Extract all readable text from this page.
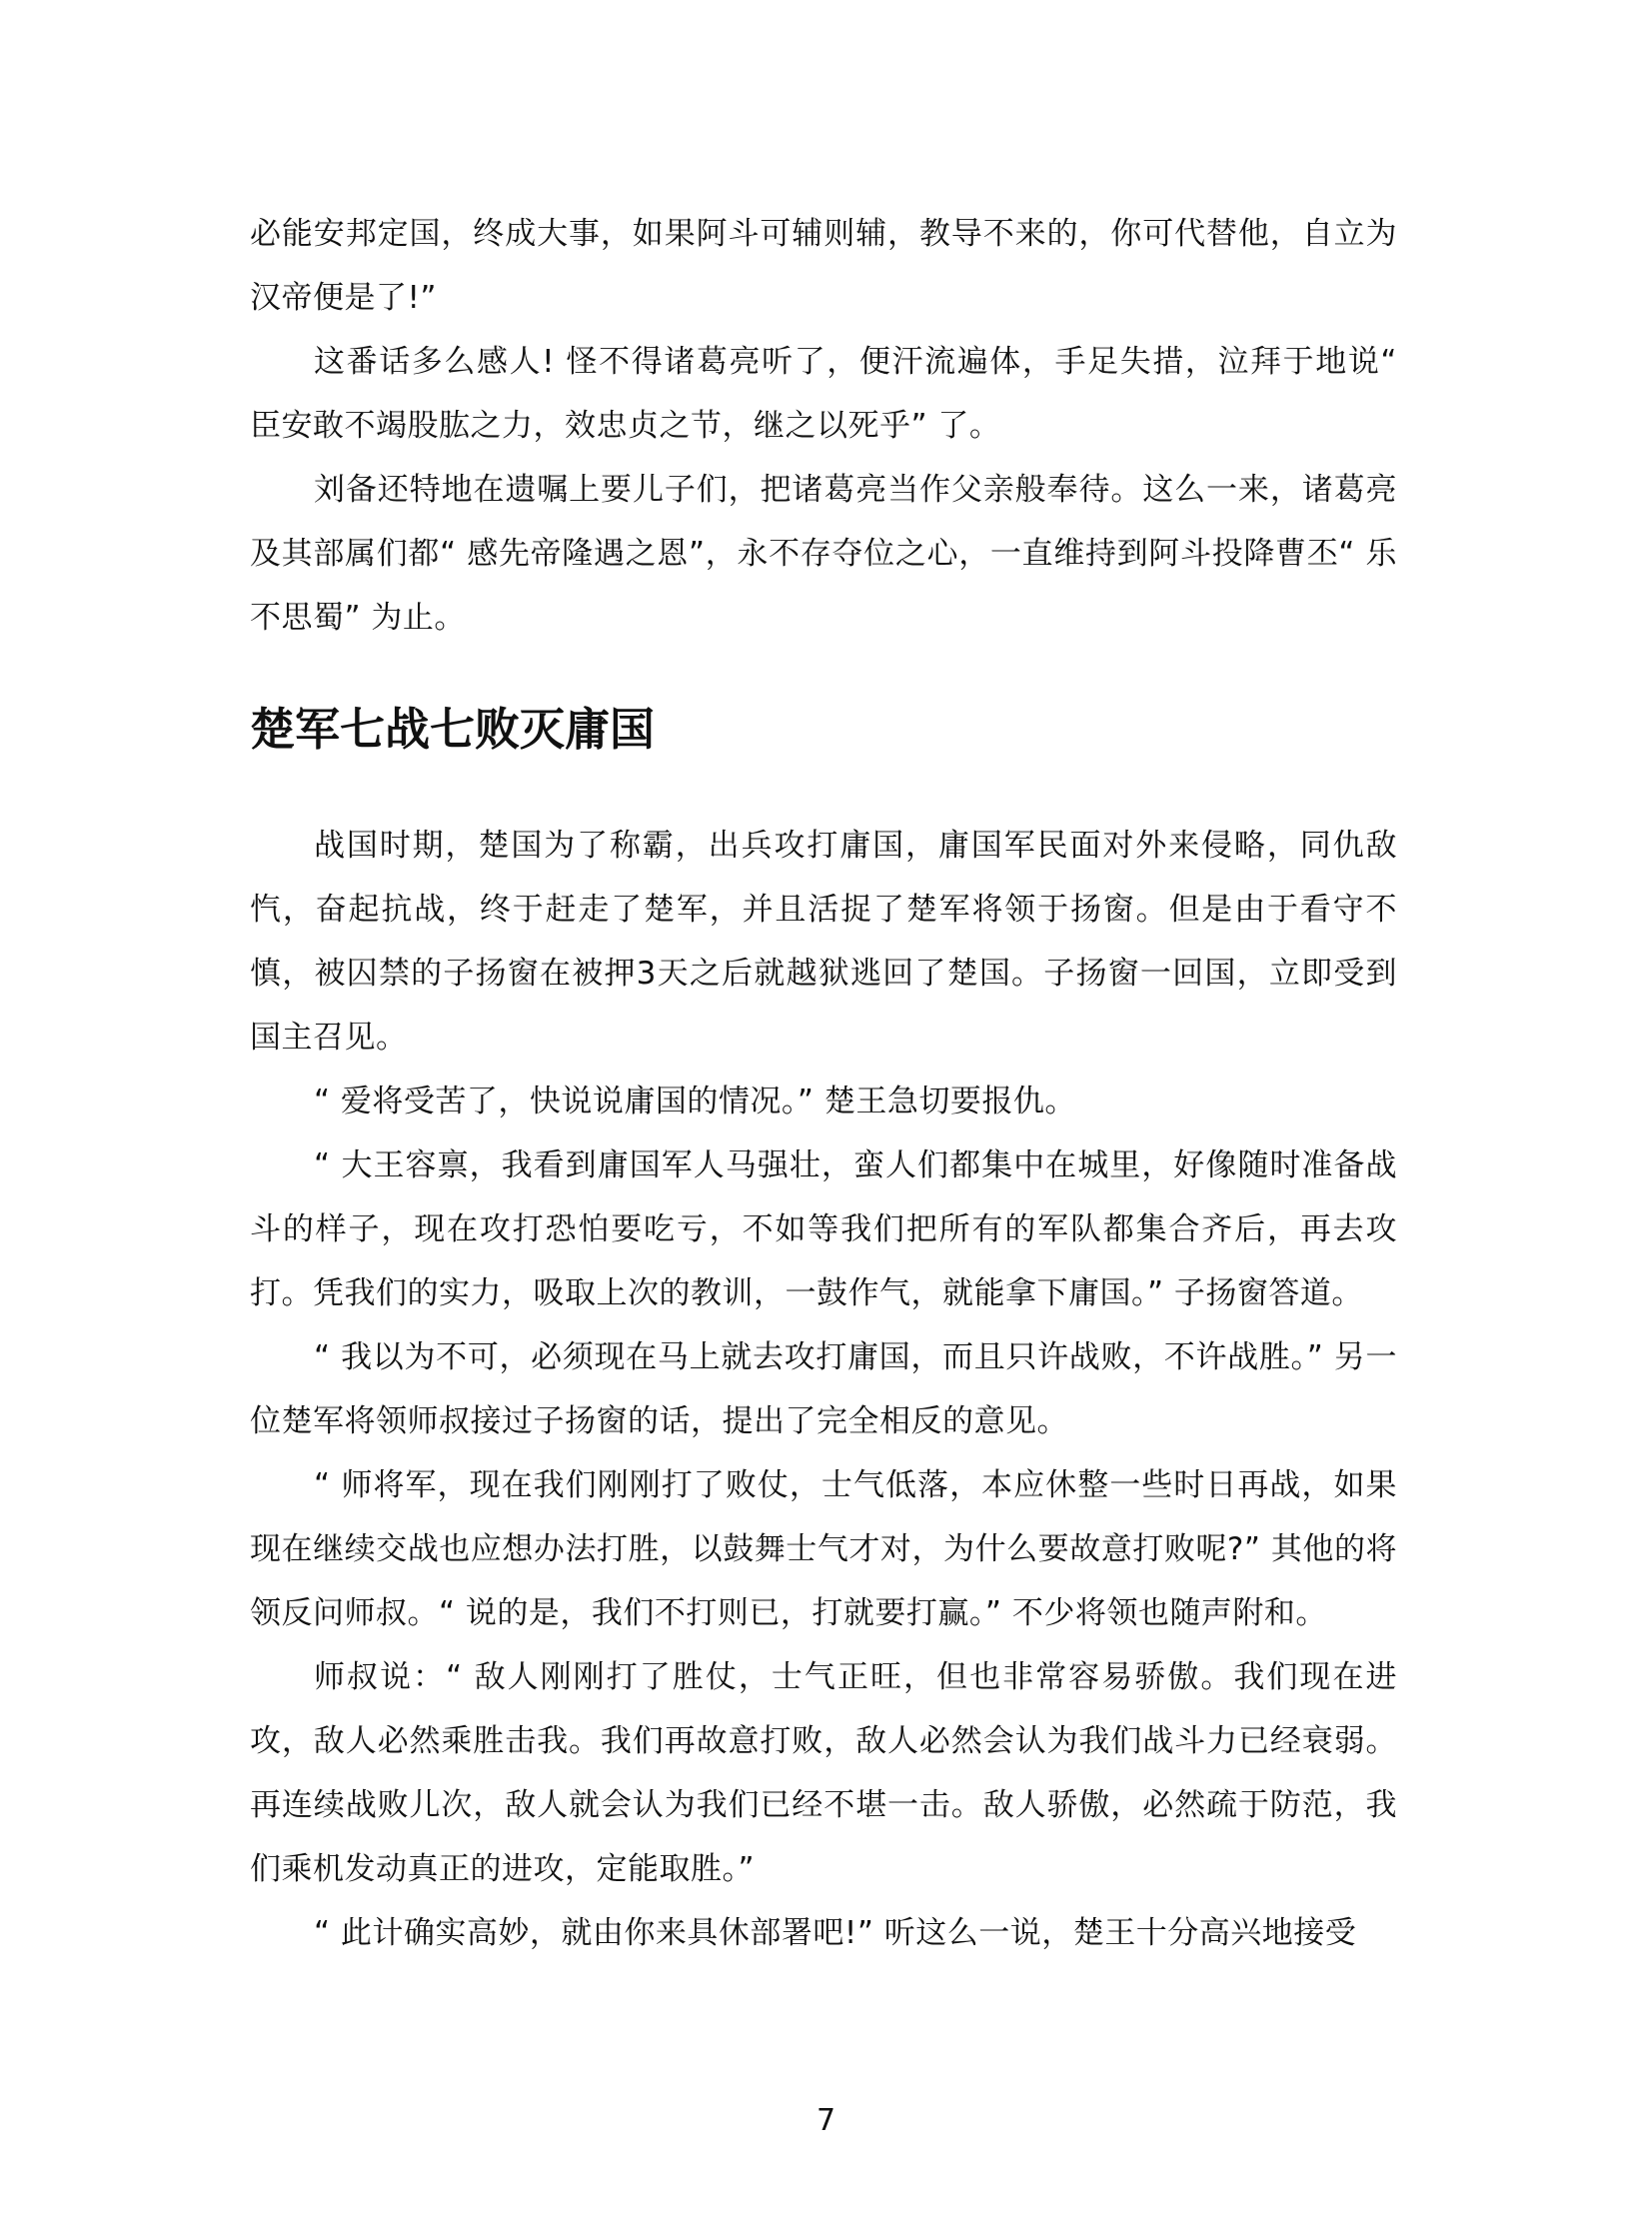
必能安邦定国，终成大事，如果阿斗可辅则辅，教导不来的，你可代替他，自立为汉帝便是了!”

这番话多么感人! 怪不得诸葛亮听了，便汗流遍体，手足失措，泣拜于地说“ 臣安敢不竭股肱之力，效忠贞之节，继之以死乎” 了。

刘备还特地在遗嘱上要儿子们，把诸葛亮当作父亲般奉待。这么一来，诸葛亮及其部属们都“ 感先帝隆遇之恩”，永不存夺位之心，一直维持到阿斗投降曹丕“ 乐不思蜀” 为止。

楚军七战七败灭庸国

战国时期，楚国为了称霸，出兵攻打庸国，庸国军民面对外来侵略，同仇敌忾，奋起抗战，终于赶走了楚军，并且活捉了楚军将领于扬窗。但是由于看守不慎，被囚禁的子扬窗在被押3天之后就越狱逃回了楚国。子扬窗一回国，立即受到国主召见。

“ 爱将受苦了，快说说庸国的情况。” 楚王急切要报仇。

“ 大王容禀，我看到庸国军人马强壮，蛮人们都集中在城里，好像随时准备战斗的样子，现在攻打恐怕要吃亏，不如等我们把所有的军队都集合齐后，再去攻打。凭我们的实力，吸取上次的教训，一鼓作气，就能拿下庸国。” 子扬窗答道。

“ 我以为不可，必须现在马上就去攻打庸国，而且只许战败，不许战胜。” 另一位楚军将领师叔接过子扬窗的话，提出了完全相反的意见。

“ 师将军，现在我们刚刚打了败仗，士气低落，本应休整一些时日再战，如果现在继续交战也应想办法打胜，以鼓舞士气才对，为什么要故意打败呢?” 其他的将领反问师叔。“ 说的是，我们不打则已，打就要打赢。” 不少将领也随声附和。

师叔说：“ 敌人刚刚打了胜仗，士气正旺，但也非常容易骄傲。我们现在进攻，敌人必然乘胜击我。我们再故意打败，敌人必然会认为我们战斗力已经衰弱。再连续战败儿次，敌人就会认为我们已经不堪一击。敌人骄傲，必然疏于防范，我们乘机发动真正的进攻，定能取胜。”

“ 此计确实高妙，就由你来具休部署吧!” 听这么一说，楚王十分高兴地接受

7
